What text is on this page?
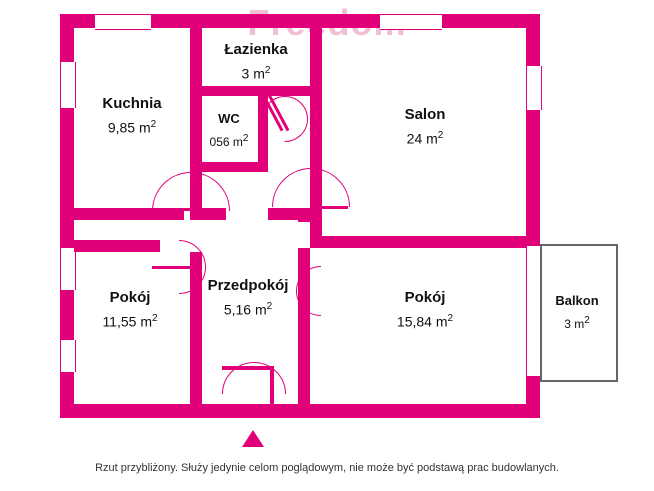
Kuchnia
9,85 $m^2$
Łazienka
3 $m^2$
WC
056 $m^2$
Salon
24 $m^2$
Pokój
11,55 $m^2$
Przedpokój
5,16 $m^2$
Pokój
15,84 $m^2$
Balkon
3 $m^2$
Rzut przybliżony. Służy jedynie celom poglądowym, nie może być podstawą prac budowlanych.
